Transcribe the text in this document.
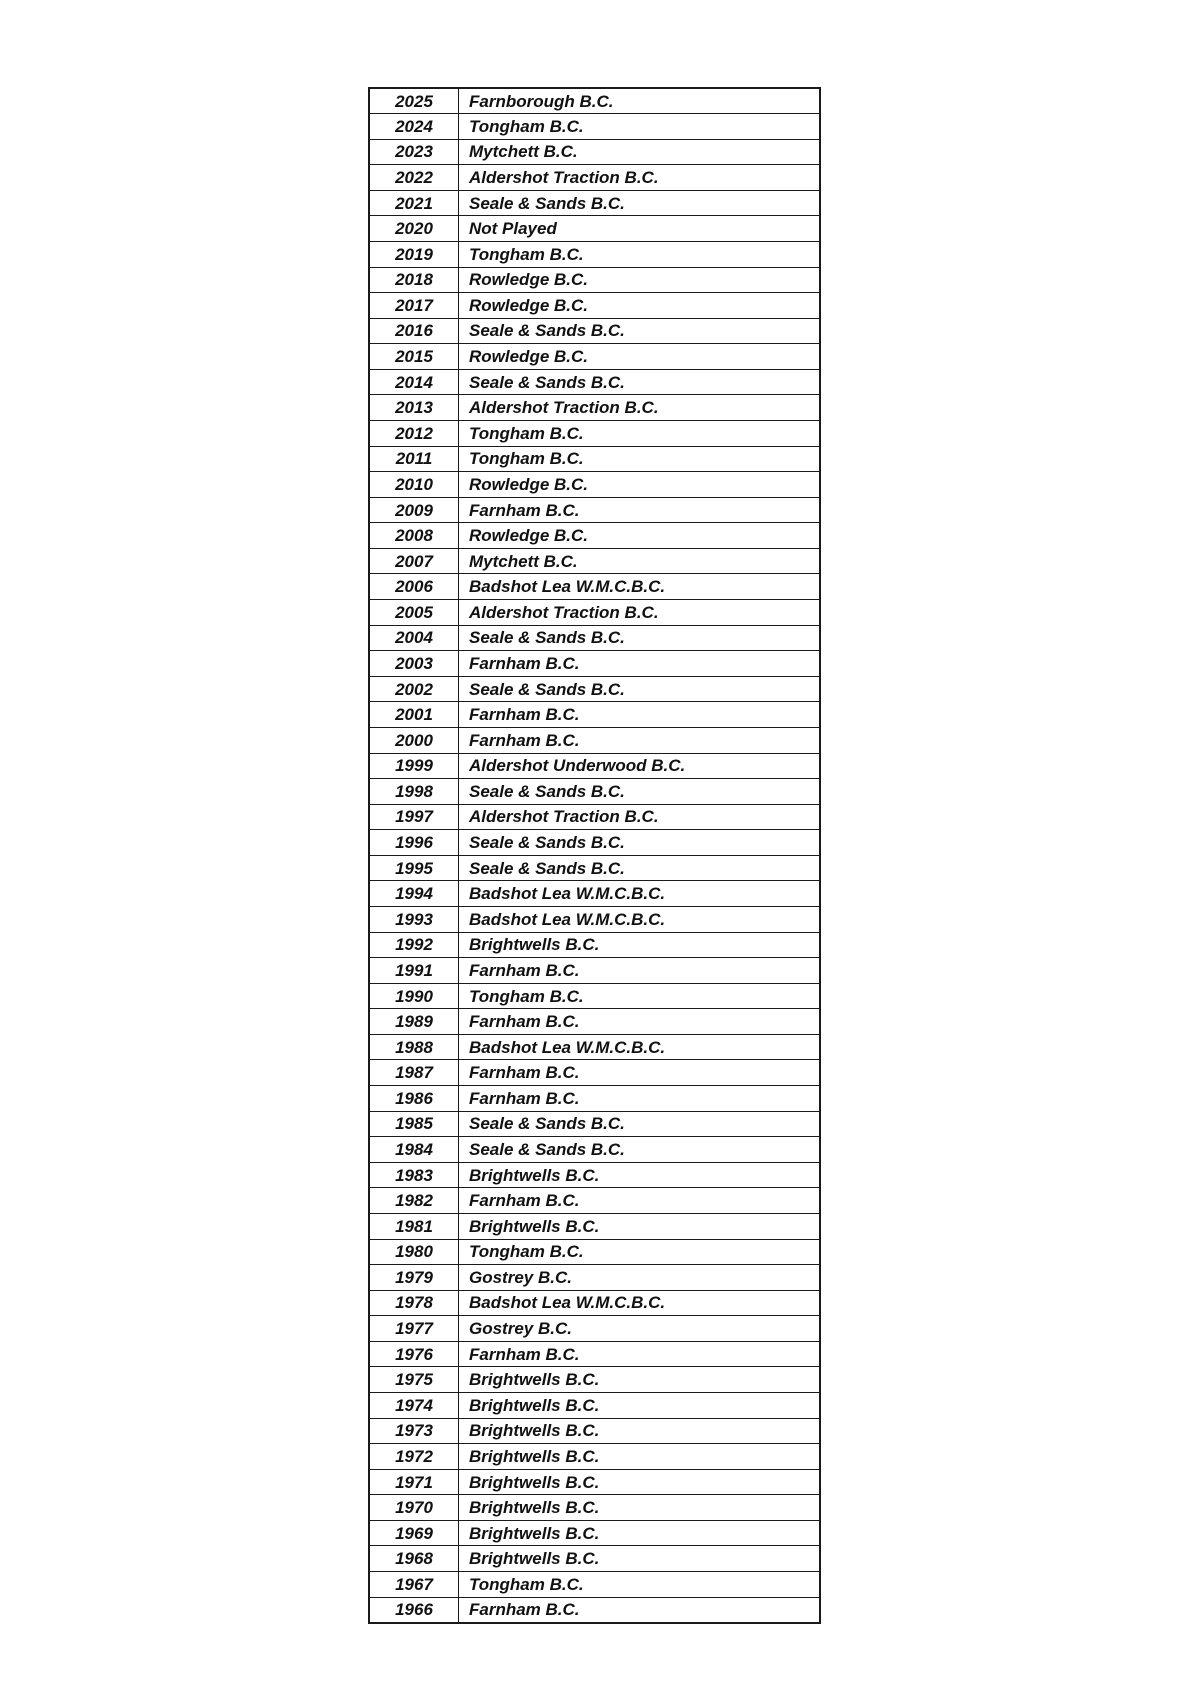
2025	Farnborough B.C.
2024	Tongham B.C.
2023	Mytchett B.C.
2022	Aldershot Traction B.C.
2021	Seale & Sands B.C.
2020	Not Played
2019	Tongham B.C.
2018	Rowledge B.C.
2017	Rowledge B.C.
2016	Seale & Sands B.C.
2015	Rowledge B.C.
2014	Seale & Sands B.C.
2013	Aldershot Traction B.C.
2012	Tongham B.C.
2011	Tongham B.C.
2010	Rowledge B.C.
2009	Farnham B.C.
2008	Rowledge B.C.
2007	Mytchett B.C.
2006	Badshot Lea W.M.C.B.C.
2005	Aldershot Traction B.C.
2004	Seale & Sands B.C.
2003	Farnham B.C.
2002	Seale & Sands B.C.
2001	Farnham B.C.
2000	Farnham B.C.
1999	Aldershot Underwood B.C.
1998	Seale & Sands B.C.
1997	Aldershot Traction B.C.
1996	Seale & Sands B.C.
1995	Seale & Sands B.C.
1994	Badshot Lea W.M.C.B.C.
1993	Badshot Lea W.M.C.B.C.
1992	Brightwells B.C.
1991	Farnham B.C.
1990	Tongham B.C.
1989	Farnham B.C.
1988	Badshot Lea W.M.C.B.C.
1987	Farnham B.C.
1986	Farnham B.C.
1985	Seale & Sands B.C.
1984	Seale & Sands B.C.
1983	Brightwells B.C.
1982	Farnham B.C.
1981	Brightwells B.C.
1980	Tongham B.C.
1979	Gostrey B.C.
1978	Badshot Lea W.M.C.B.C.
1977	Gostrey B.C.
1976	Farnham B.C.
1975	Brightwells B.C.
1974	Brightwells B.C.
1973	Brightwells B.C.
1972	Brightwells B.C.
1971	Brightwells B.C.
1970	Brightwells B.C.
1969	Brightwells B.C.
1968	Brightwells B.C.
1967	Tongham B.C.
1966	Farnham B.C.
